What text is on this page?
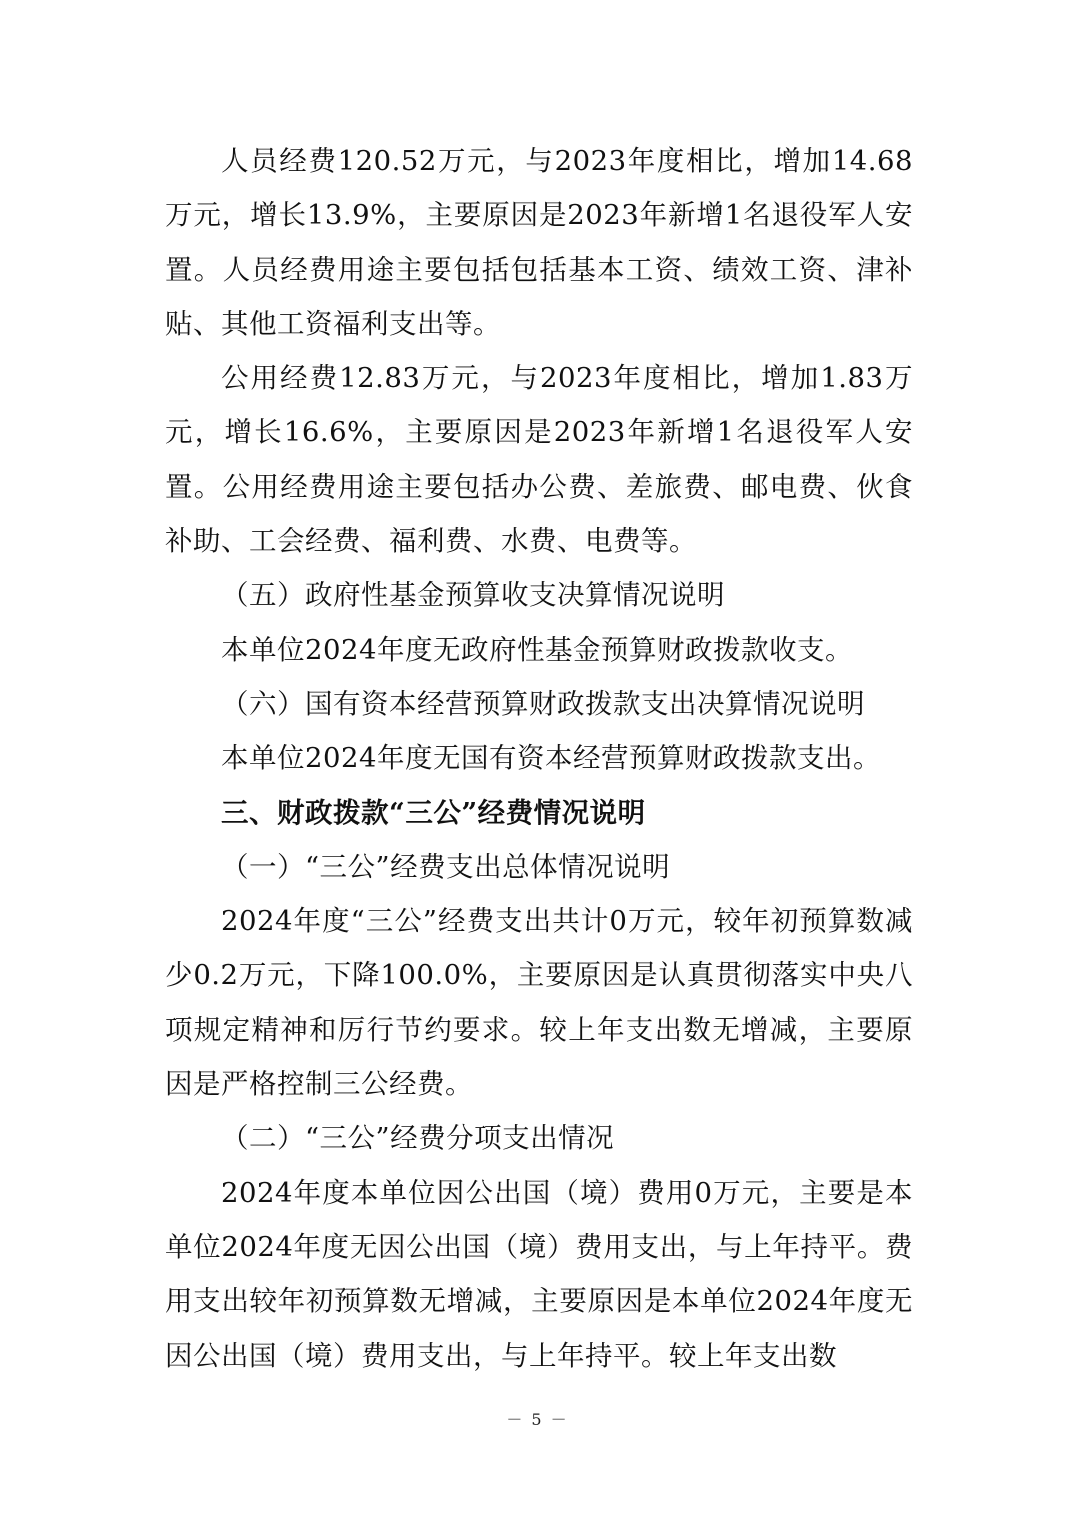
人员经费120.52万元，与2023年度相比，增加14.68万元，增长13.9%，主要原因是2023年新增1名退役军人安置。人员经费用途主要包括包括基本工资、绩效工资、津补贴、其他工资福利支出等。

公用经费12.83万元，与2023年度相比，增加1.83万元，增长16.6%，主要原因是2023年新增1名退役军人安置。公用经费用途主要包括办公费、差旅费、邮电费、伙食补助、工会经费、福利费、水费、电费等。

（五）政府性基金预算收支决算情况说明

本单位2024年度无政府性基金预算财政拨款收支。

（六）国有资本经营预算财政拨款支出决算情况说明

本单位2024年度无国有资本经营预算财政拨款支出。

三、财政拨款“三公”经费情况说明

（一）“三公”经费支出总体情况说明

2024年度“三公”经费支出共计0万元，较年初预算数减少0.2万元，下降100.0%，主要原因是认真贯彻落实中央八项规定精神和厉行节约要求。较上年支出数无增减，主要原因是严格控制三公经费。

（二）“三公”经费分项支出情况

2024年度本单位因公出国（境）费用0万元，主要是本单位2024年度无因公出国（境）费用支出，与上年持平。费用支出较年初预算数无增减，主要原因是本单位2024年度无因公出国（境）费用支出，与上年持平。较上年支出数

－ 5 －
